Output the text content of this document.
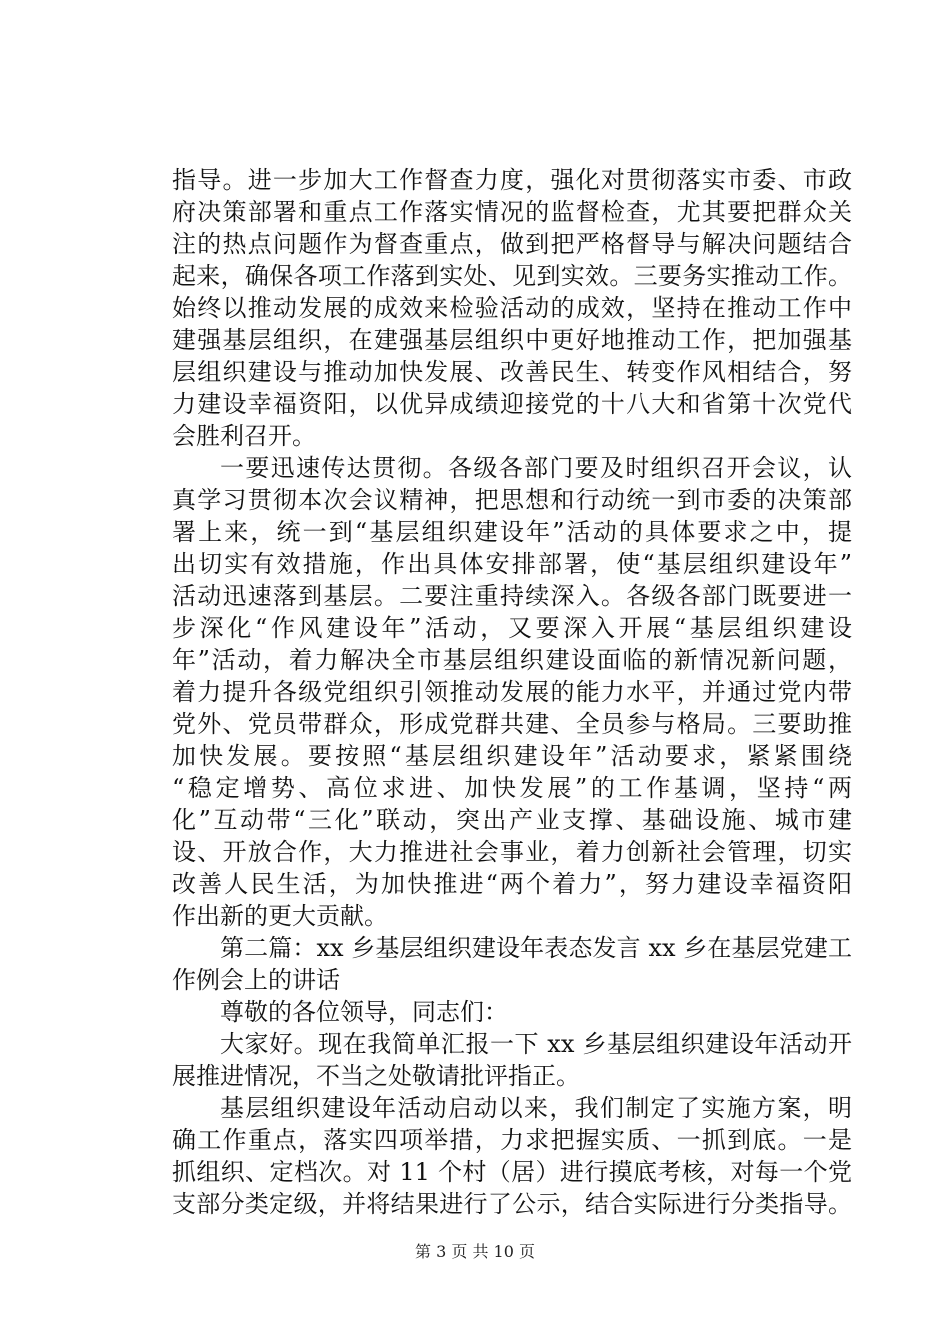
指导。进一步加大工作督查力度，强化对贯彻落实市委、市政
府决策部署和重点工作落实情况的监督检查，尤其要把群众关
注的热点问题作为督查重点，做到把严格督导与解决问题结合
起来，确保各项工作落到实处、见到实效。三要务实推动工作。
始终以推动发展的成效来检验活动的成效，坚持在推动工作中
建强基层组织，在建强基层组织中更好地推动工作，把加强基
层组织建设与推动加快发展、改善民生、转变作风相结合，努
力建设幸福资阳，以优异成绩迎接党的十八大和省第十次党代
会胜利召开。
一要迅速传达贯彻。各级各部门要及时组织召开会议，认
真学习贯彻本次会议精神，把思想和行动统一到市委的决策部
署上来，统一到“基层组织建设年”活动的具体要求之中，提
出切实有效措施，作出具体安排部署，使“基层组织建设年”
活动迅速落到基层。二要注重持续深入。各级各部门既要进一
步深化“作风建设年”活动，又要深入开展“基层组织建设
年”活动，着力解决全市基层组织建设面临的新情况新问题，
着力提升各级党组织引领推动发展的能力水平，并通过党内带
党外、党员带群众，形成党群共建、全员参与格局。三要助推
加快发展。要按照“基层组织建设年”活动要求，紧紧围绕
“稳定增势、高位求进、加快发展”的工作基调，坚持“两
化”互动带“三化”联动，突出产业支撑、基础设施、城市建
设、开放合作，大力推进社会事业，着力创新社会管理，切实
改善人民生活，为加快推进“两个着力”，努力建设幸福资阳
作出新的更大贡献。
第二篇：xx 乡基层组织建设年表态发言 xx 乡在基层党建工
作例会上的讲话
尊敬的各位领导，同志们：
大家好。现在我简单汇报一下 xx 乡基层组织建设年活动开
展推进情况，不当之处敬请批评指正。
基层组织建设年活动启动以来，我们制定了实施方案，明
确工作重点，落实四项举措，力求把握实质、一抓到底。一是
抓组织、定档次。对 11 个村（居）进行摸底考核，对每一个党
支部分类定级，并将结果进行了公示，结合实际进行分类指导。
第 3 页 共 10 页
